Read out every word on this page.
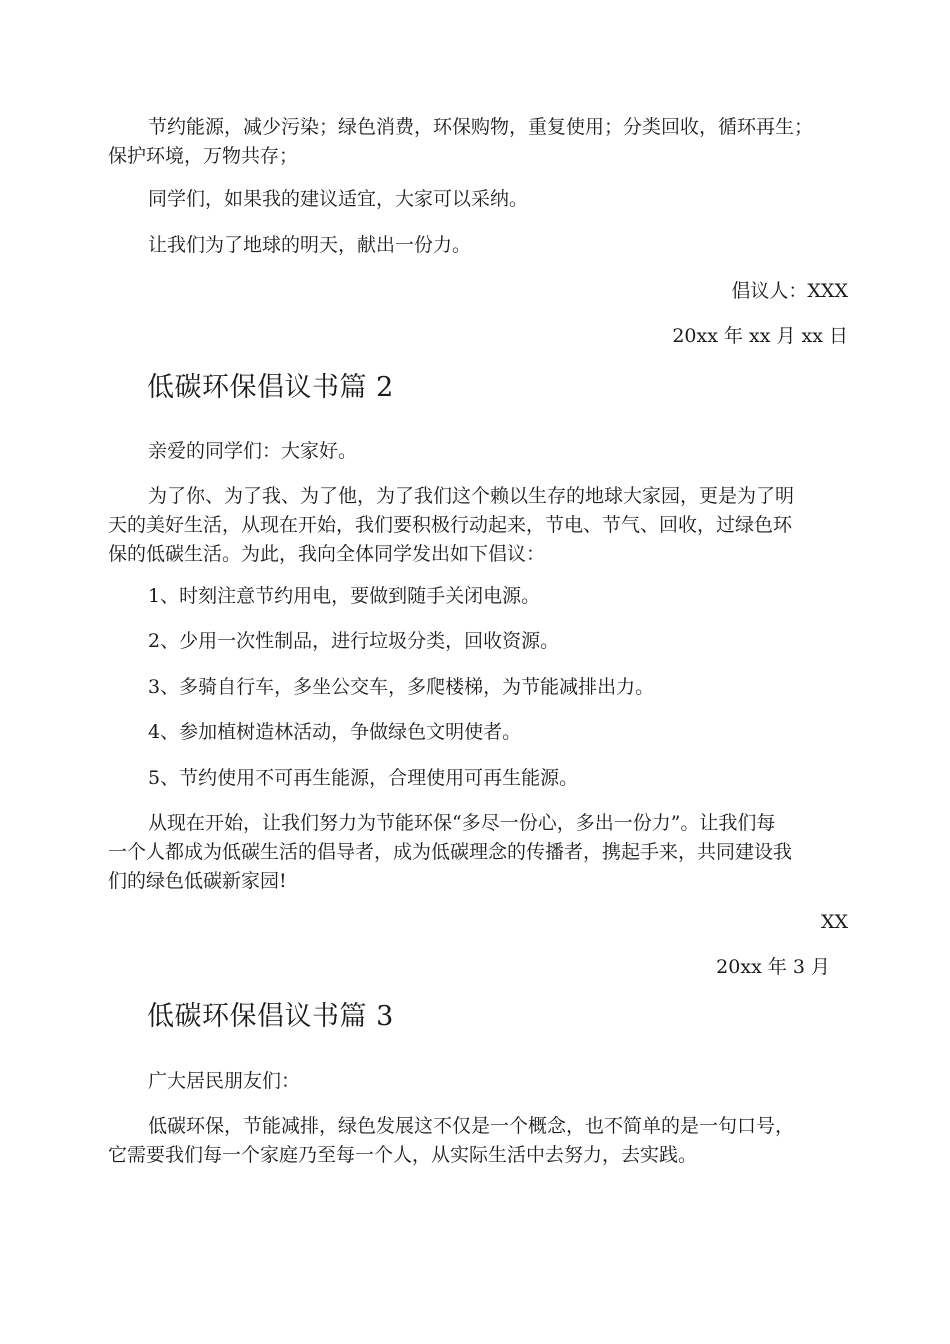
节约能源，减少污染；绿色消费，环保购物，重复使用；分类回收，循环再生；
保护环境，万物共存；

同学们，如果我的建议适宜，大家可以采纳。

让我们为了地球的明天，献出一份力。

倡议人：XXX

20xx 年 xx 月 xx 日

低碳环保倡议书篇 2

亲爱的同学们：大家好。

为了你、为了我、为了他，为了我们这个赖以生存的地球大家园，更是为了明
天的美好生活，从现在开始，我们要积极行动起来，节电、节气、回收，过绿色环
保的低碳生活。为此，我向全体同学发出如下倡议：

1、时刻注意节约用电，要做到随手关闭电源。

2、少用一次性制品，进行垃圾分类，回收资源。

3、多骑自行车，多坐公交车，多爬楼梯，为节能减排出力。

4、参加植树造林活动，争做绿色文明使者。

5、节约使用不可再生能源，合理使用可再生能源。

从现在开始，让我们努力为节能环保“多尽一份心，多出一份力”。让我们每
一个人都成为低碳生活的倡导者，成为低碳理念的传播者，携起手来，共同建设我
们的绿色低碳新家园!

XX

20xx 年 3 月

低碳环保倡议书篇 3

广大居民朋友们：

低碳环保，节能减排，绿色发展这不仅是一个概念，也不简单的是一句口号，
它需要我们每一个家庭乃至每一个人，从实际生活中去努力，去实践。
